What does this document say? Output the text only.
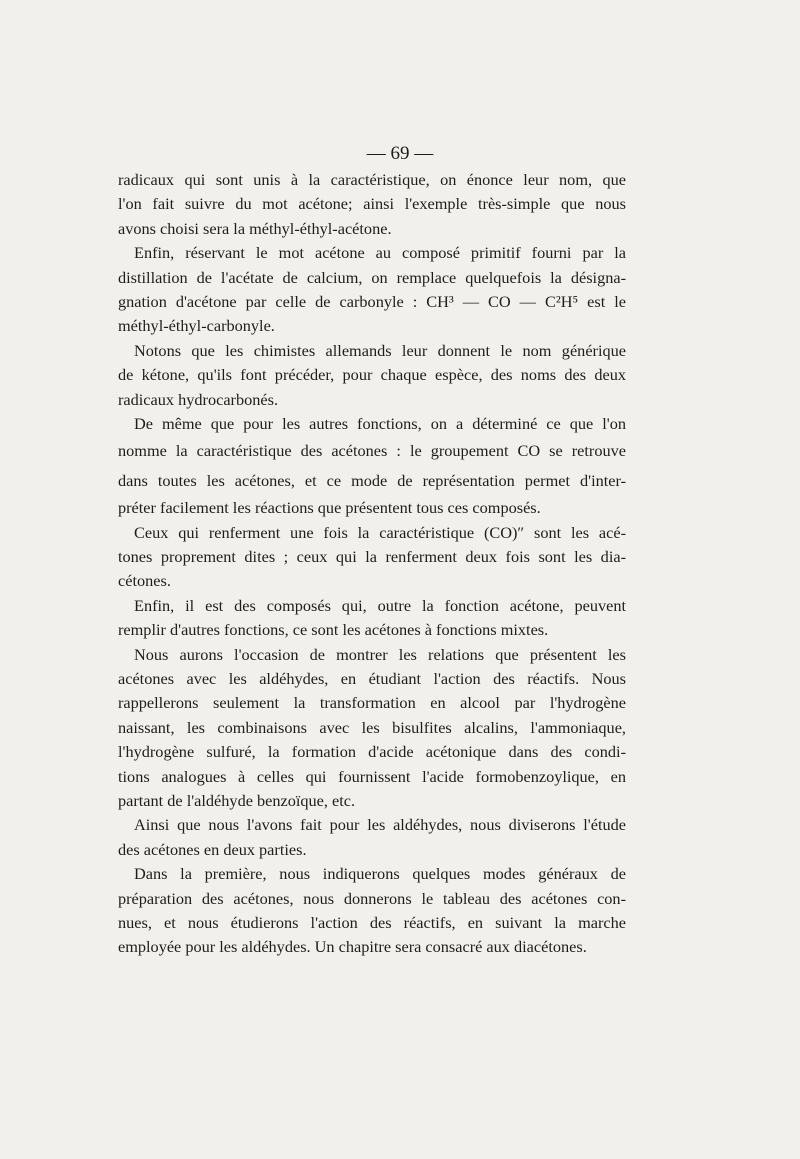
— 69 —
radicaux qui sont unis à la caractéristique, on énonce leur nom, que
l'on fait suivre du mot acétone; ainsi l'exemple très-simple que nous
avons choisi sera la méthyl-éthyl-acétone.
Enfin, réservant le mot acétone au composé primitif fourni par la
distillation de l'acétate de calcium, on remplace quelquefois la désigna-
gnation d'acétone par celle de carbonyle : CH³ — CO — C²H⁵ est le
méthyl-éthyl-carbonyle.
Notons que les chimistes allemands leur donnent le nom générique
de kétone, qu'ils font précéder, pour chaque espèce, des noms des deux
radicaux hydrocarbonés.
De même que pour les autres fonctions, on a déterminé ce que l'on
nomme la caractéristique des acétones : le groupement CO se retrouve
dans toutes les acétones, et ce mode de représentation permet d'inter-
préter facilement les réactions que présentent tous ces composés.
Ceux qui renferment une fois la caractéristique (CO)″ sont les acé-
tones proprement dites ; ceux qui la renferment deux fois sont les dia-
cétones.
Enfin, il est des composés qui, outre la fonction acétone, peuvent
remplir d'autres fonctions, ce sont les acétones à fonctions mixtes.
Nous aurons l'occasion de montrer les relations que présentent les
acétones avec les aldéhydes, en étudiant l'action des réactifs. Nous
rappellerons seulement la transformation en alcool par l'hydrogène
naissant, les combinaisons avec les bisulfites alcalins, l'ammoniaque,
l'hydrogène sulfuré, la formation d'acide acétonique dans des condi-
tions analogues à celles qui fournissent l'acide formobenzoylique, en
partant de l'aldéhyde benzoïque, etc.
Ainsi que nous l'avons fait pour les aldéhydes, nous diviserons l'étude
des acétones en deux parties.
Dans la première, nous indiquerons quelques modes généraux de
préparation des acétones, nous donnerons le tableau des acétones con-
nues, et nous étudierons l'action des réactifs, en suivant la marche
employée pour les aldéhydes. Un chapitre sera consacré aux diacétones.
